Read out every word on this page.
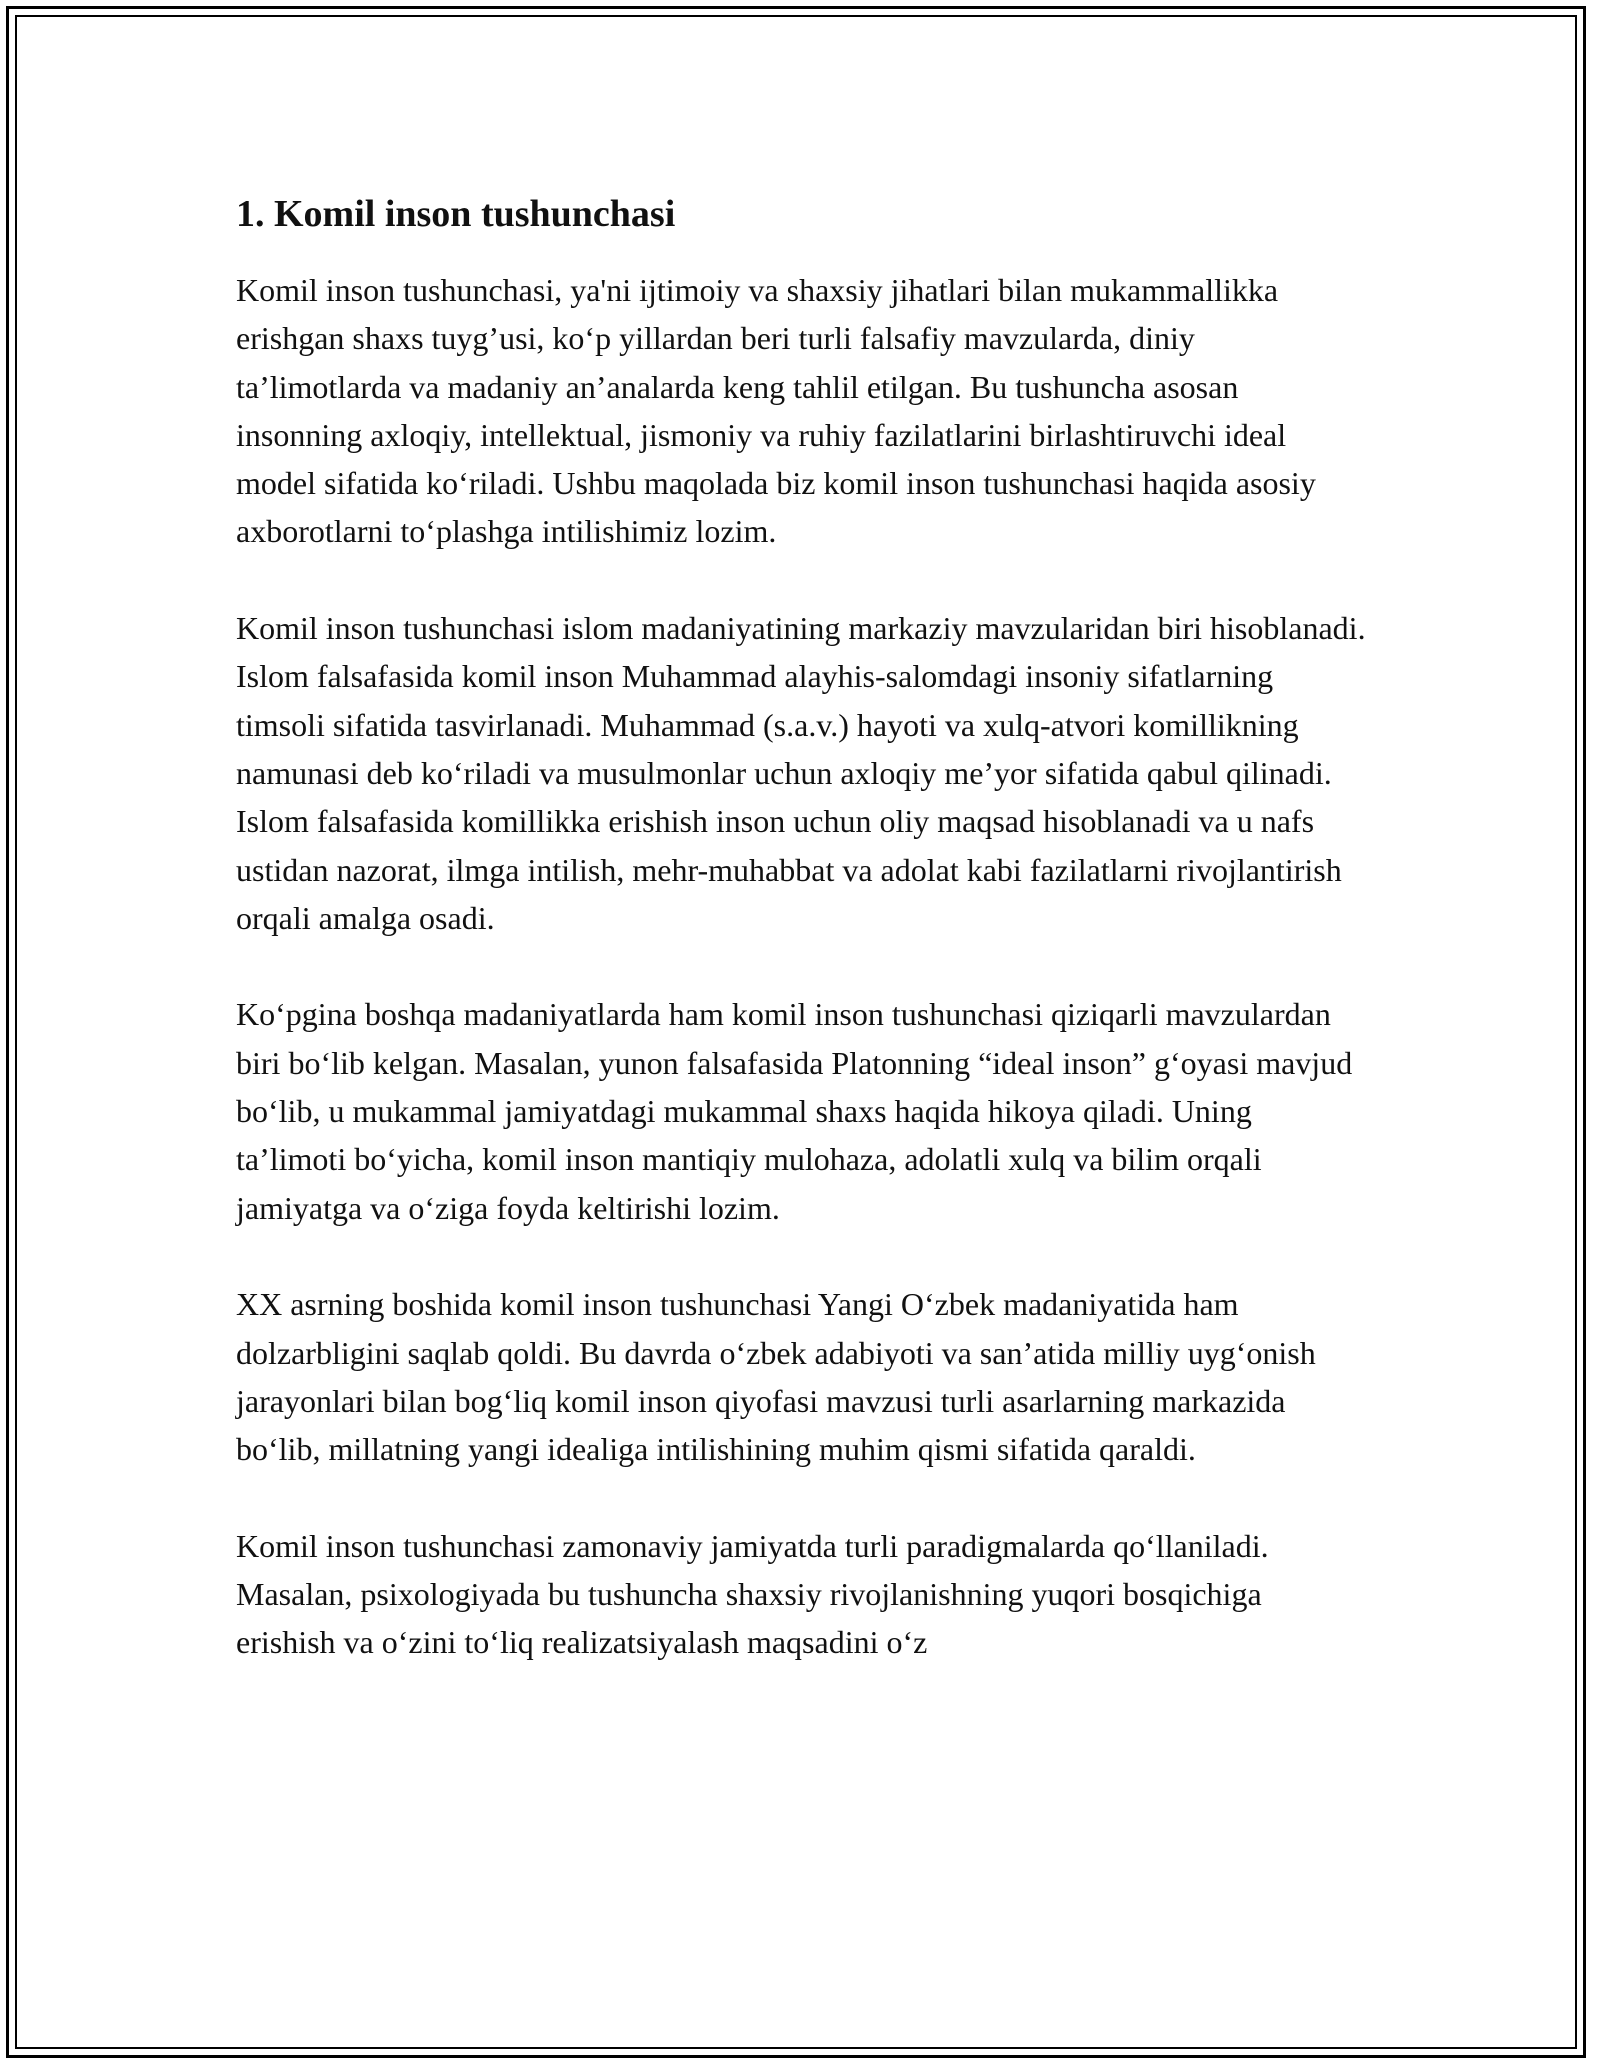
1. Komil inson tushunchasi

Komil inson tushunchasi, ya'ni ijtimoiy va shaxsiy jihatlari bilan mukammallikka erishgan shaxs tuyg’usi, ko‘p yillardan beri turli falsafiy mavzularda, diniy ta’limotlarda va madaniy an’analarda keng tahlil etilgan. Bu tushuncha asosan insonning axloqiy, intellektual, jismoniy va ruhiy fazilatlarini birlashtiruvchi ideal model sifatida ko‘riladi. Ushbu maqolada biz komil inson tushunchasi haqida asosiy axborotlarni to‘plashga intilishimiz lozim.

Komil inson tushunchasi islom madaniyatining markaziy mavzularidan biri hisoblanadi. Islom falsafasida komil inson Muhammad alayhis-salomdagi insoniy sifatlarning timsoli sifatida tasvirlanadi. Muhammad (s.a.v.) hayoti va xulq-atvori komillikning namunasi deb ko‘riladi va musulmonlar uchun axloqiy me’yor sifatida qabul qilinadi. Islom falsafasida komillikka erishish inson uchun oliy maqsad hisoblanadi va u nafs ustidan nazorat, ilmga intilish, mehr-muhabbat va adolat kabi fazilatlarni rivojlantirish orqali amalga osadi.

Ko‘pgina boshqa madaniyatlarda ham komil inson tushunchasi qiziqarli mavzulardan biri bo‘lib kelgan. Masalan, yunon falsafasida Platonning “ideal inson” g‘oyasi mavjud bo‘lib, u mukammal jamiyatdagi mukammal shaxs haqida hikoya qiladi. Uning ta’limoti bo‘yicha, komil inson mantiqiy mulohaza, adolatli xulq va bilim orqali jamiyatga va o‘ziga foyda keltirishi lozim.

XX asrning boshida komil inson tushunchasi Yangi O‘zbek madaniyatida ham dolzarbligini saqlab qoldi. Bu davrda o‘zbek adabiyoti va san’atida milliy uyg‘onish jarayonlari bilan bog‘liq komil inson qiyofasi mavzusi turli asarlarning markazida bo‘lib, millatning yangi idealiga intilishining muhim qismi sifatida qaraldi.

Komil inson tushunchasi zamonaviy jamiyatda turli paradigmalarda qo‘llaniladi. Masalan, psixologiyada bu tushuncha shaxsiy rivojlanishning yuqori bosqichiga erishish va o‘zini to‘liq realizatsiyalash maqsadini o‘z
